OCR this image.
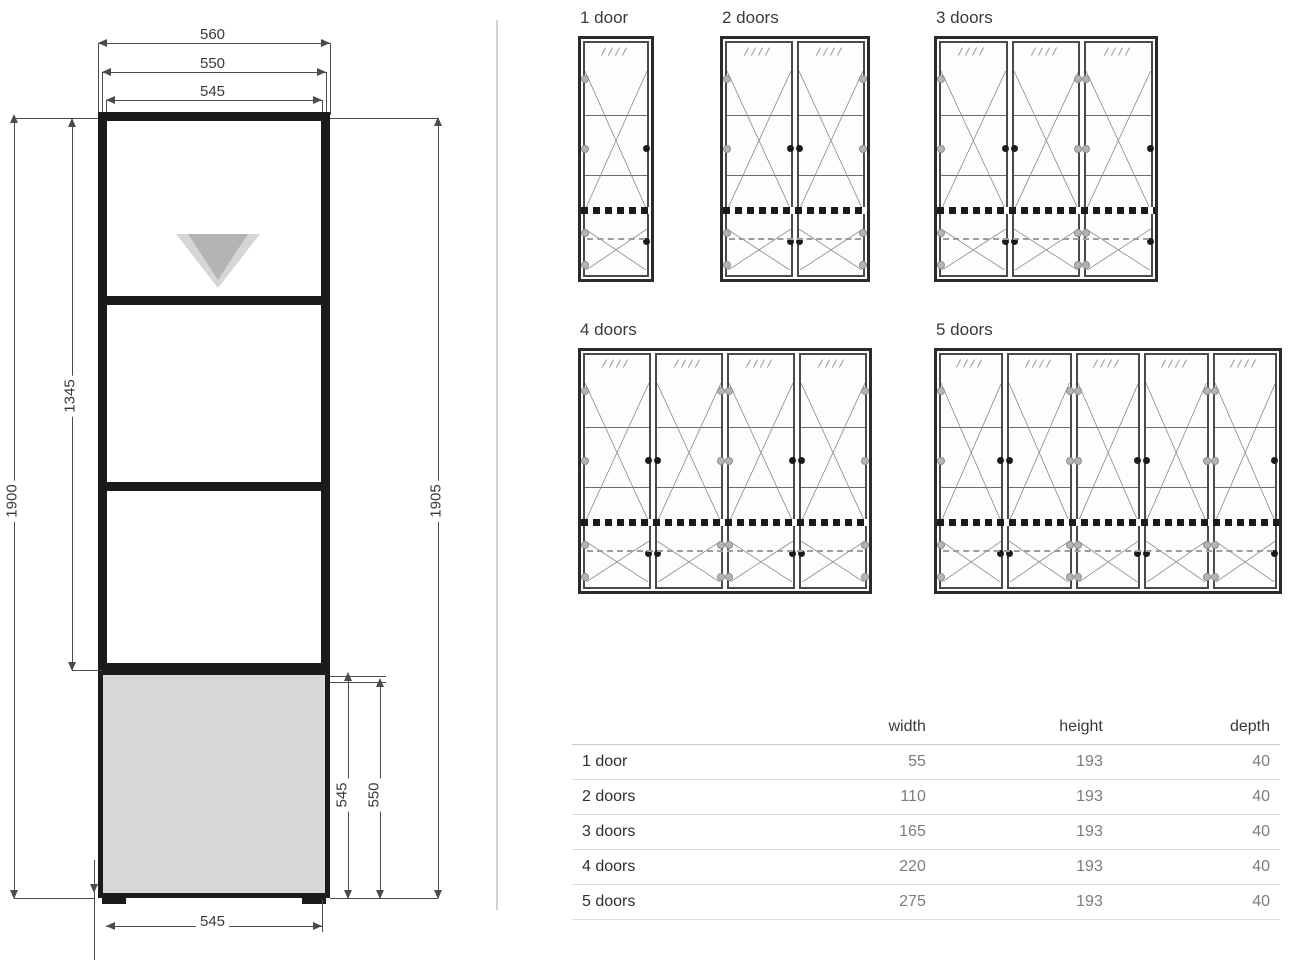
560
550
545
1900
1345
1905
545 550
545
1 door	2 doors	3 doors
4 doors	5 doors
	width	height	depth
1 door	55	193	40
2 doors	110	193	40
3 doors	165	193	40
4 doors	220	193	40
5 doors	275	193	40
